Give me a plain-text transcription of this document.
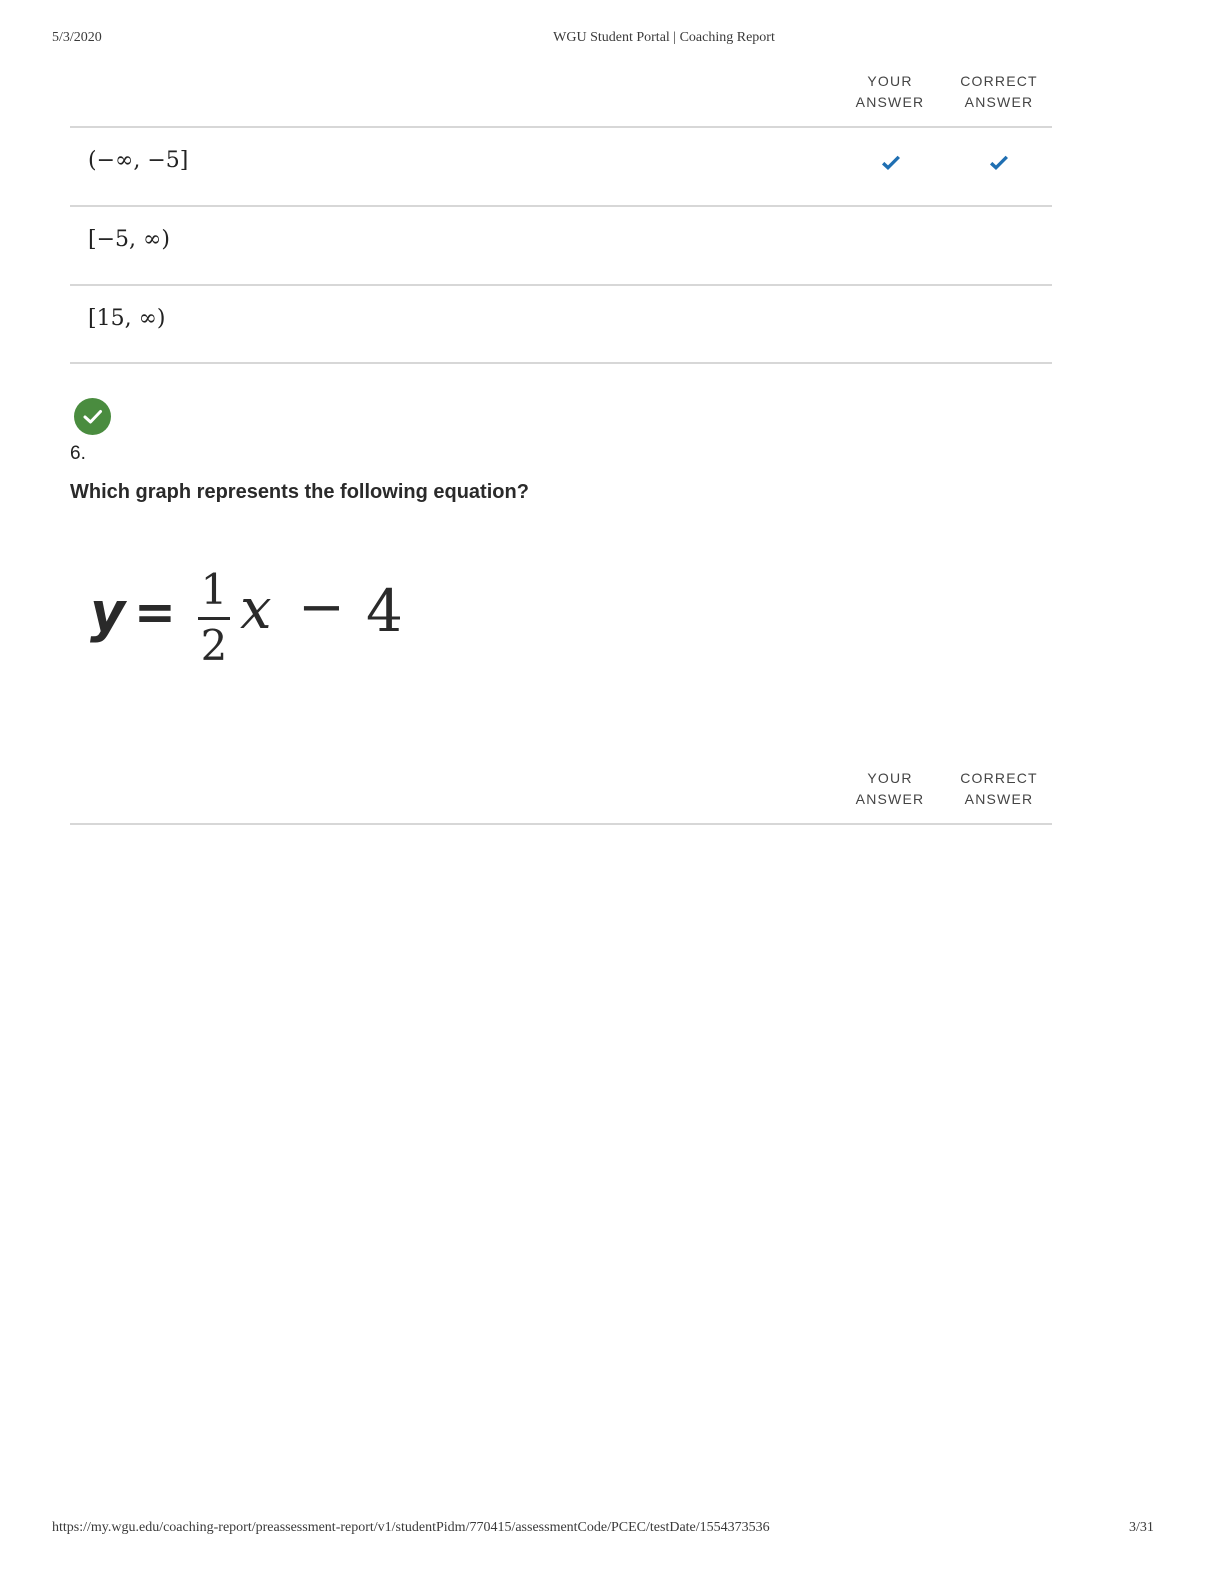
5/3/2020	WGU Student Portal | Coaching Report
YOUR
ANSWER
CORRECT
ANSWER
(−∞, −5]
[−5, ∞)
[15, ∞)
6.
Which graph represents the following equation?
y = 1
2
x − 4
YOUR
ANSWER
CORRECT
ANSWER
https://my.wgu.edu/coaching-report/preassessment-report/v1/studentPidm/770415/assessmentCode/PCEC/testDate/1554373536	3/31
